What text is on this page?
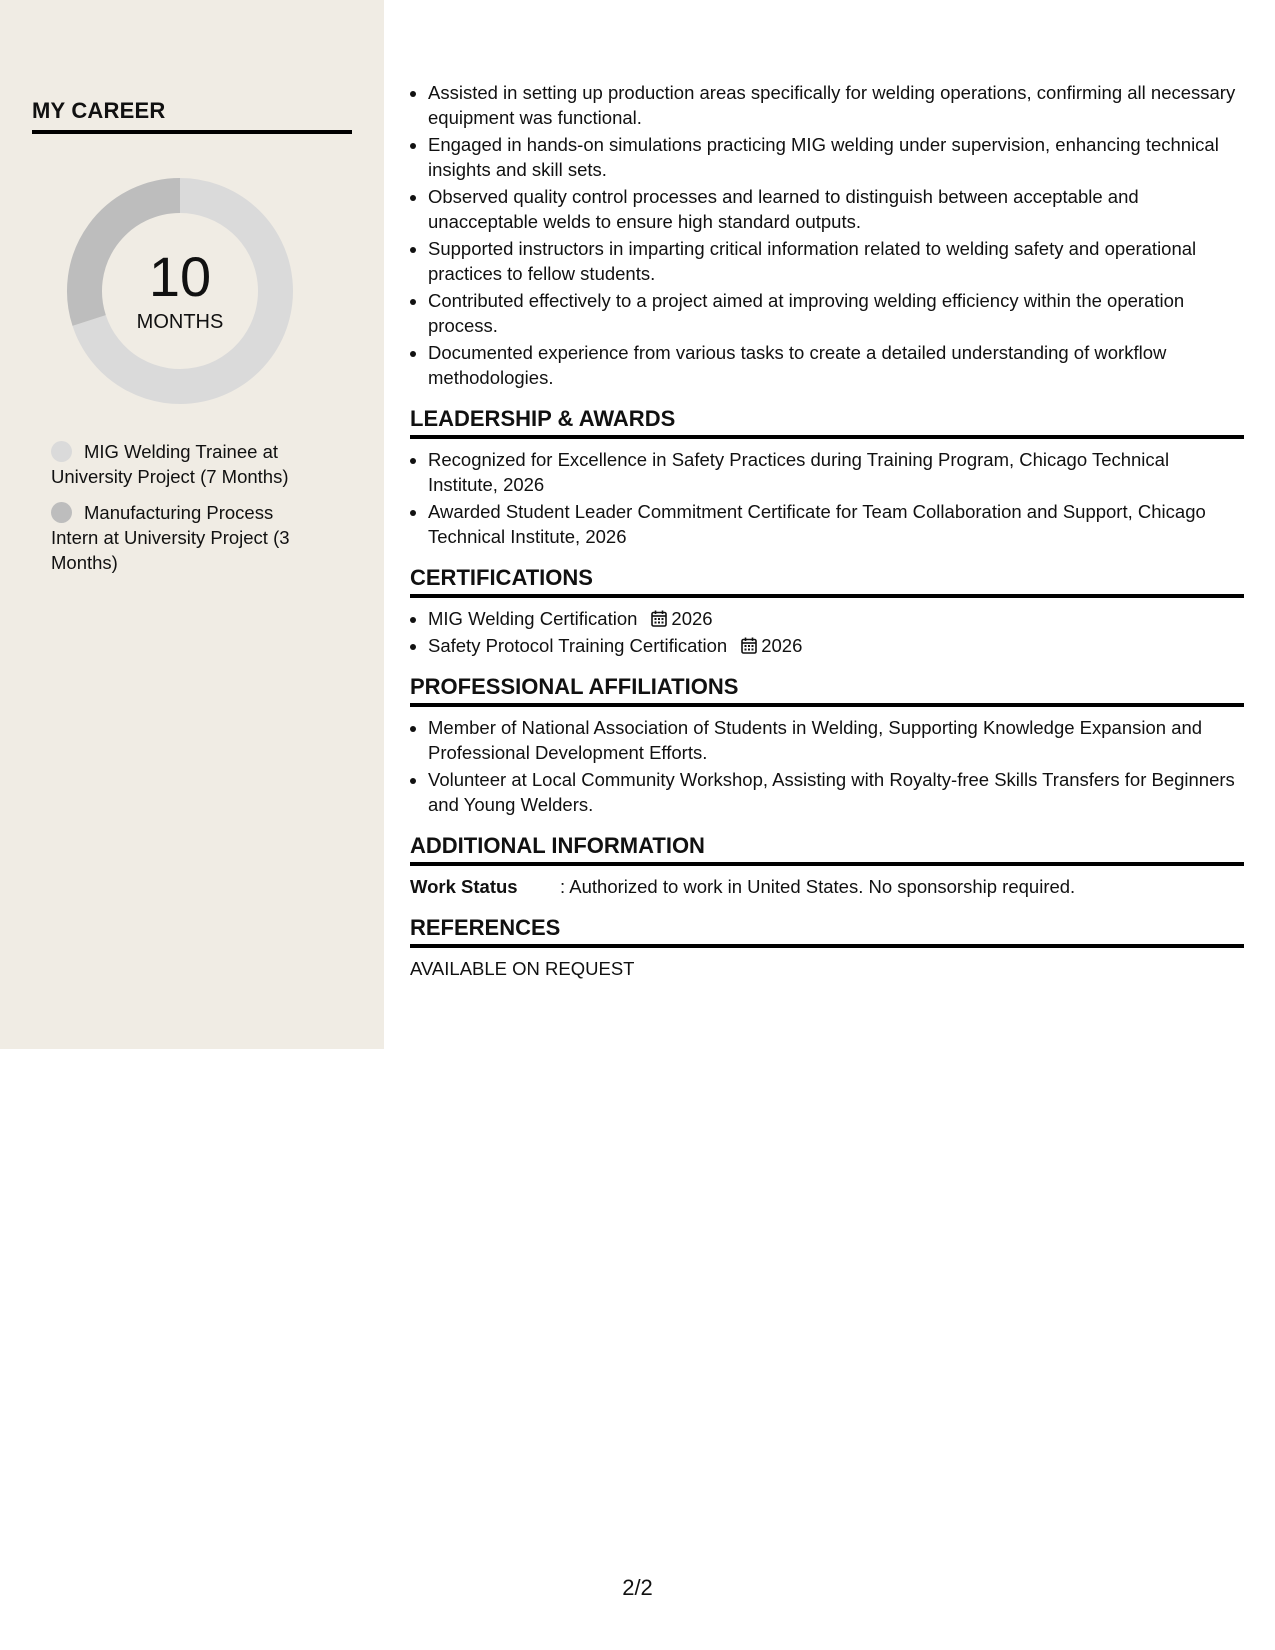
MY CAREER
10
MONTHS
MIG Welding Trainee at University Project (7 Months)
Manufacturing Process Intern at University Project (3 Months)
• Assisted in setting up production areas specifically for welding operations, confirming all necessary equipment was functional.
• Engaged in hands-on simulations practicing MIG welding under supervision, enhancing technical insights and skill sets.
• Observed quality control processes and learned to distinguish between acceptable and unacceptable welds to ensure high standard outputs.
• Supported instructors in imparting critical information related to welding safety and operational practices to fellow students.
• Contributed effectively to a project aimed at improving welding efficiency within the operation process.
• Documented experience from various tasks to create a detailed understanding of workflow methodologies.
LEADERSHIP & AWARDS
• Recognized for Excellence in Safety Practices during Training Program, Chicago Technical Institute, 2026
• Awarded Student Leader Commitment Certificate for Team Collaboration and Support, Chicago Technical Institute, 2026
CERTIFICATIONS
• MIG Welding Certification 2026
• Safety Protocol Training Certification 2026
PROFESSIONAL AFFILIATIONS
• Member of National Association of Students in Welding, Supporting Knowledge Expansion and Professional Development Efforts.
• Volunteer at Local Community Workshop, Assisting with Royalty-free Skills Transfers for Beginners and Young Welders.
ADDITIONAL INFORMATION
Work Status	: Authorized to work in United States. No sponsorship required.
REFERENCES
AVAILABLE ON REQUEST
2/2
